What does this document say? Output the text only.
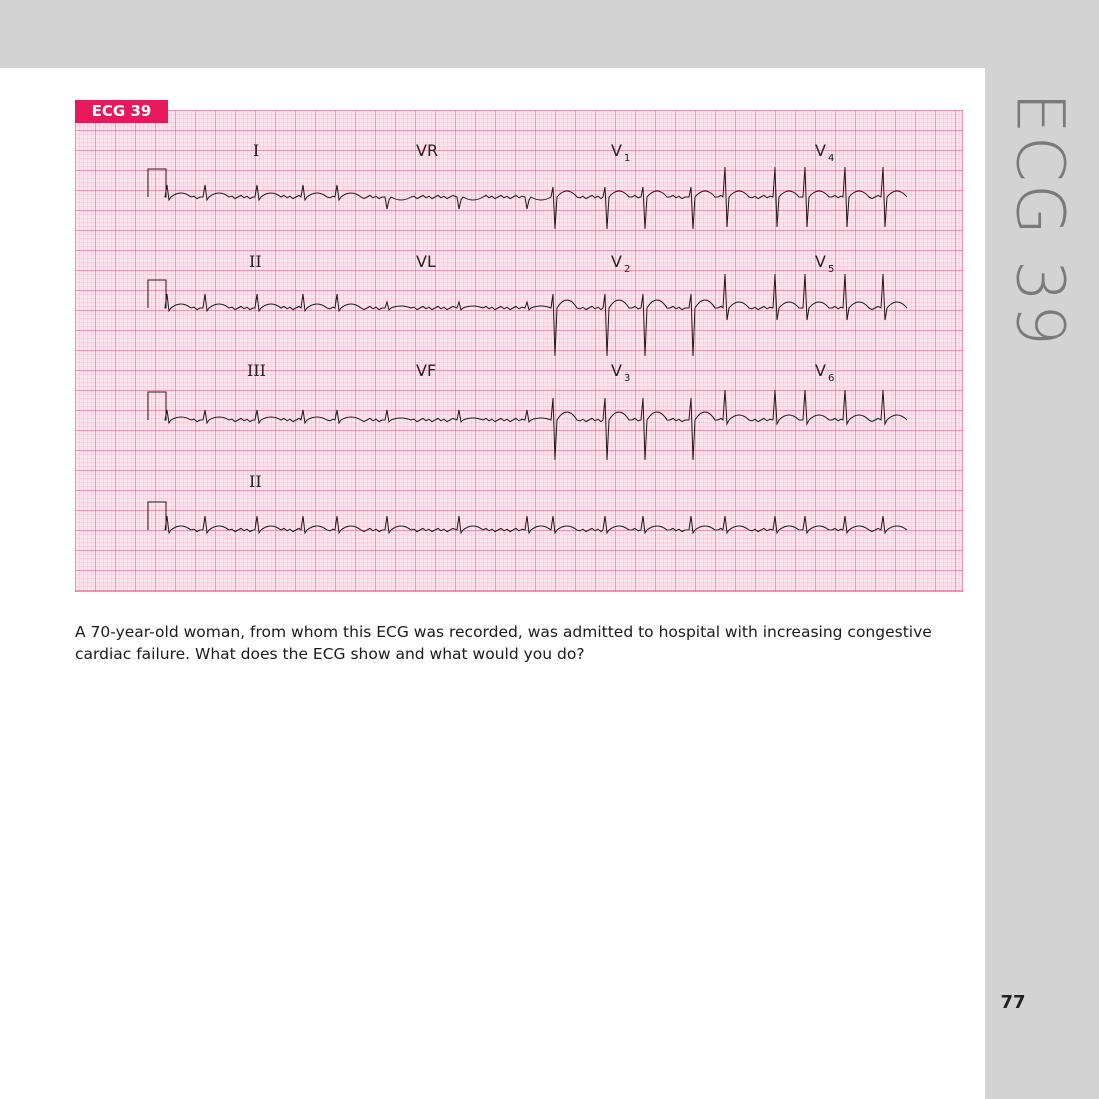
ECG 39
77
ECG 39
I	VR	V $_1$	V $_4$
II	VL	V $_2$	V $_5$
III	VF	V $_3$	V $_6$
II
A 70-year-old woman, from whom this ECG was recorded, was admitted to hospital with increasing congestive cardiac failure. What does the ECG show and what would you do?
